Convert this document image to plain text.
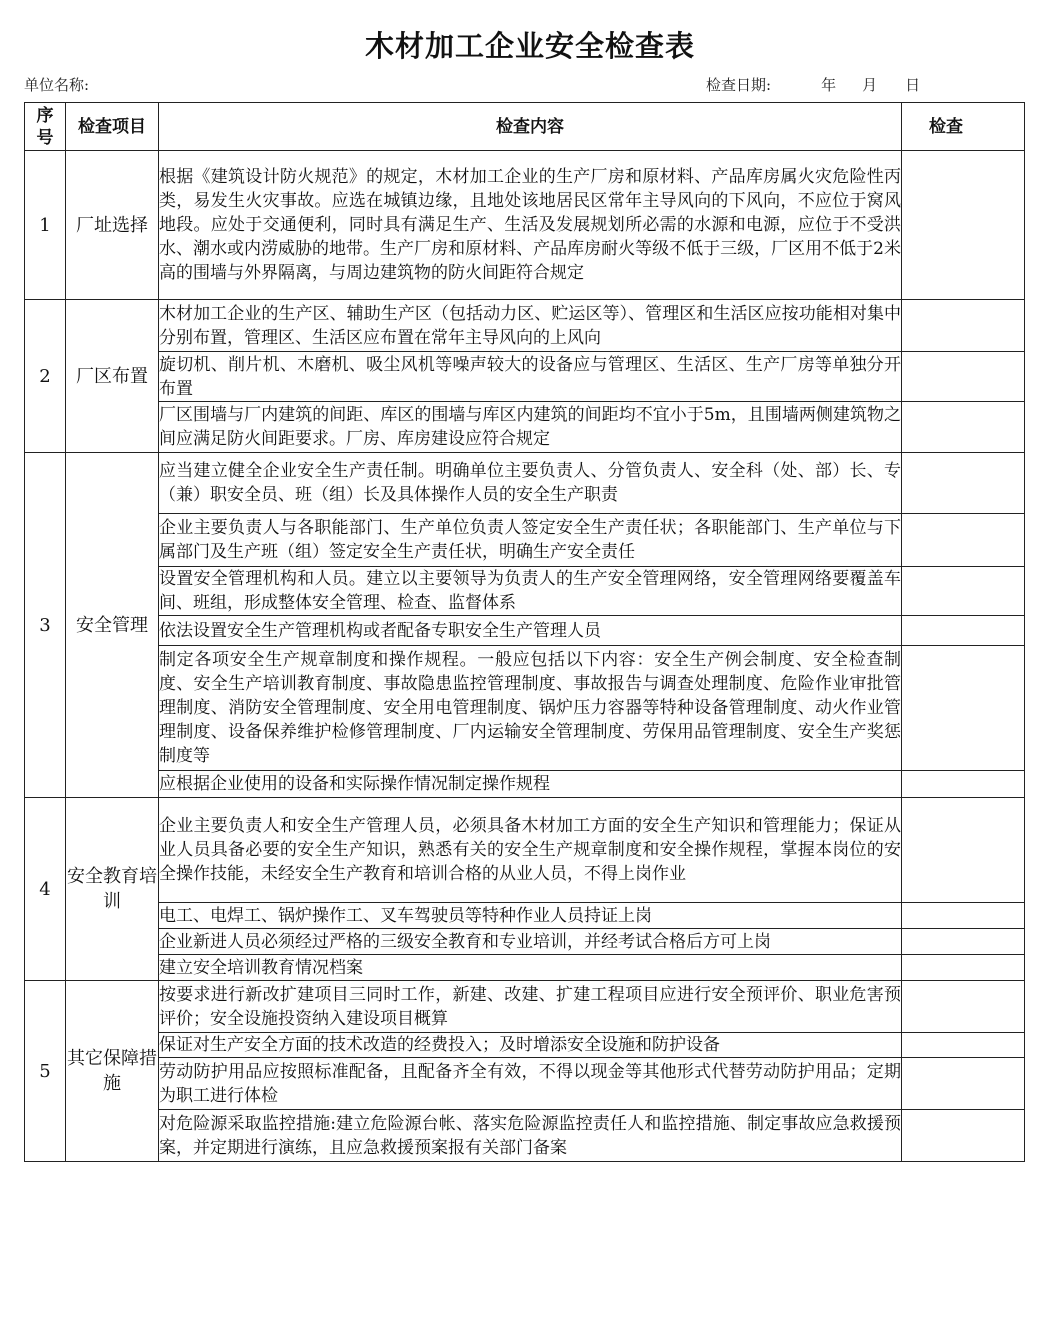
木材加工企业安全检查表
单位名称:	检查日期:	年 月 日
序号	检查项目	检查内容	检查
1	厂址选择	根据《建筑设计防火规范》的规定，木材加工企业的生产厂房和原材料、产品库房属火灾危险性丙类，易发生火灾事故。应选在城镇边缘，且地处该地居民区常年主导风向的下风向，不应位于窝风地段。应处于交通便利，同时具有满足生产、生活及发展规划所必需的水源和电源，应位于不受洪水、潮水或内涝威胁的地带。生产厂房和原材料、产品库房耐火等级不低于三级，厂区用不低于2米高的围墙与外界隔离，与周边建筑物的防火间距符合规定	
2	厂区布置	木材加工企业的生产区、辅助生产区（包括动力区、贮运区等）、管理区和生活区应按功能相对集中分别布置，管理区、生活区应布置在常年主导风向的上风向	
		旋切机、削片机、木磨机、吸尘风机等噪声较大的设备应与管理区、生活区、生产厂房等单独分开布置	
		厂区围墙与厂内建筑的间距、库区的围墙与库区内建筑的间距均不宜小于5m，且围墙两侧建筑物之间应满足防火间距要求。厂房、库房建设应符合规定	
3	安全管理	应当建立健全企业安全生产责任制。明确单位主要负责人、分管负责人、安全科（处、部）长、专（兼）职安全员、班（组）长及具体操作人员的安全生产职责	
		企业主要负责人与各职能部门、生产单位负责人签定安全生产责任状；各职能部门、生产单位与下属部门及生产班（组）签定安全生产责任状，明确生产安全责任	
		设置安全管理机构和人员。建立以主要领导为负责人的生产安全管理网络，安全管理网络要覆盖车间、班组，形成整体安全管理、检查、监督体系	
		依法设置安全生产管理机构或者配备专职安全生产管理人员	
		制定各项安全生产规章制度和操作规程。一般应包括以下内容：安全生产例会制度、安全检查制度、安全生产培训教育制度、事故隐患监控管理制度、事故报告与调查处理制度、危险作业审批管理制度、消防安全管理制度、安全用电管理制度、锅炉压力容器等特种设备管理制度、动火作业管理制度、设备保养维护检修管理制度、厂内运输安全管理制度、劳保用品管理制度、安全生产奖惩制度等	
		应根据企业使用的设备和实际操作情况制定操作规程	
4	安全教育培训	企业主要负责人和安全生产管理人员，必须具备木材加工方面的安全生产知识和管理能力；保证从业人员具备必要的安全生产知识，熟悉有关的安全生产规章制度和安全操作规程，掌握本岗位的安全操作技能，未经安全生产教育和培训合格的从业人员，不得上岗作业	
		电工、电焊工、锅炉操作工、叉车驾驶员等特种作业人员持证上岗	
		企业新进人员必须经过严格的三级安全教育和专业培训，并经考试合格后方可上岗	
		建立安全培训教育情况档案	
5	其它保障措施	按要求进行新改扩建项目三同时工作，新建、改建、扩建工程项目应进行安全预评价、职业危害预评价；安全设施投资纳入建设项目概算	
		保证对生产安全方面的技术改造的经费投入；及时增添安全设施和防护设备	
		劳动防护用品应按照标准配备，且配备齐全有效，不得以现金等其他形式代替劳动防护用品；定期为职工进行体检	
		对危险源采取监控措施:建立危险源台帐、落实危险源监控责任人和监控措施、制定事故应急救援预案，并定期进行演练，且应急救援预案报有关部门备案	
